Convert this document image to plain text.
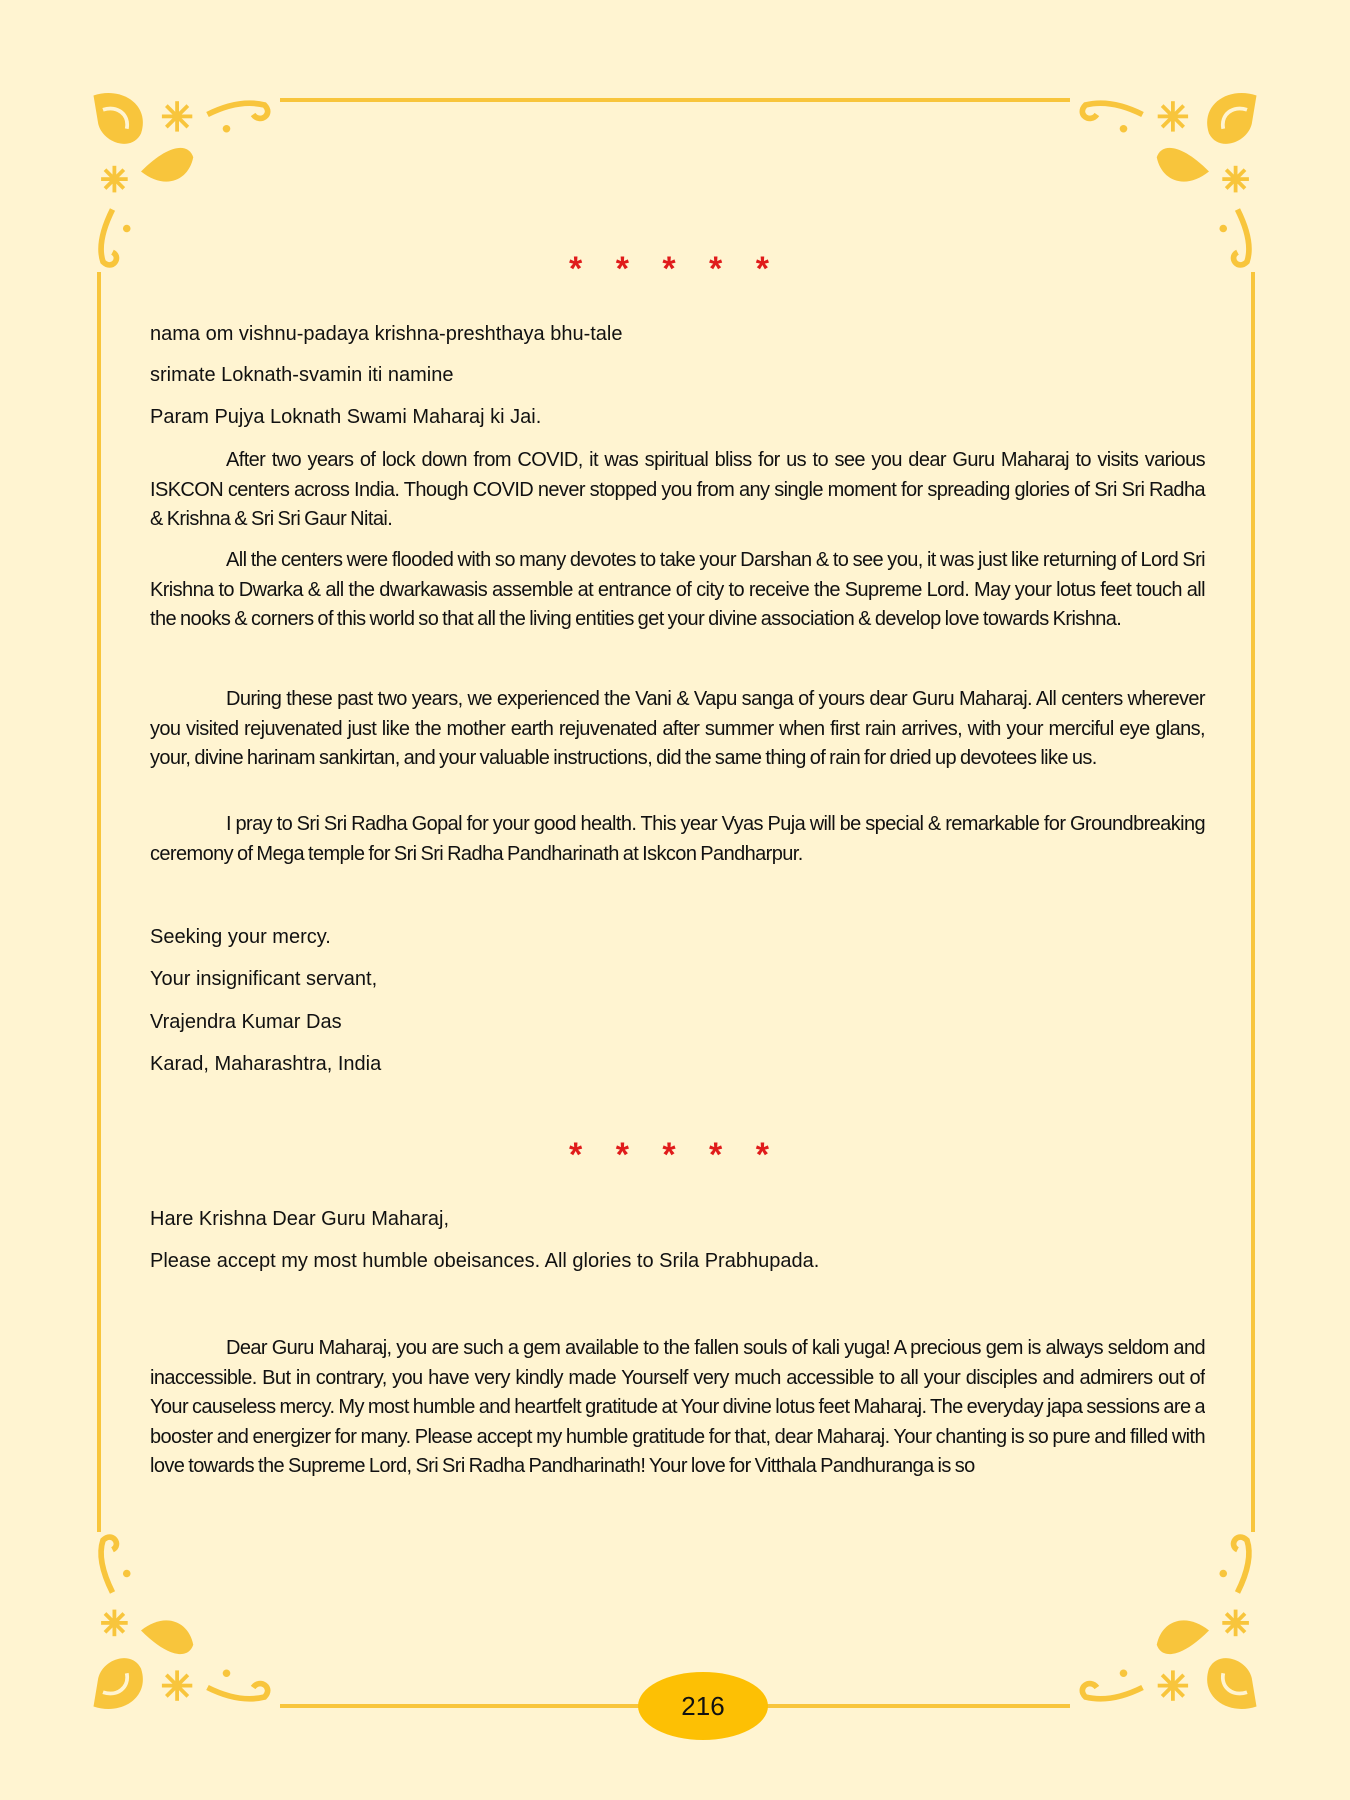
* * * * *
nama om vishnu-padaya krishna-preshthaya bhu-tale
srimate Loknath-svamin iti namine
Param Pujya Loknath Swami Maharaj ki Jai.
After two years of lock down from COVID, it was spiritual bliss for us to see you dear Guru Maharaj to visits various ISKCON centers across India. Though COVID never stopped you from any single moment for spreading glories of Sri Sri Radha & Krishna & Sri Sri Gaur Nitai.
All the centers were flooded with so many devotes to take your Darshan & to see you, it was just like returning of Lord Sri Krishna to Dwarka & all the dwarkawasis assemble at entrance of city to receive the Supreme Lord. May your lotus feet touch all the nooks & corners of this world so that all the living entities get your divine association & develop love towards Krishna.
During these past two years, we experienced the Vani & Vapu sanga of yours dear Guru Maharaj. All centers wherever you visited rejuvenated just like the mother earth rejuvenated after summer when first rain arrives, with your merciful eye glans, your, divine harinam sankirtan, and your valuable instructions, did the same thing of rain for dried up devotees like us.
I pray to Sri Sri Radha Gopal for your good health. This year Vyas Puja will be special & remarkable for Groundbreaking ceremony of Mega temple for Sri Sri Radha Pandharinath at Iskcon Pandharpur.
Seeking your mercy.
Your insignificant servant,
Vrajendra Kumar Das
Karad, Maharashtra, India
* * * * *
Hare Krishna Dear Guru Maharaj,
Please accept my most humble obeisances. All glories to Srila Prabhupada.
Dear Guru Maharaj, you are such a gem available to the fallen souls of kali yuga! A precious gem is always seldom and inaccessible. But in contrary, you have very kindly made Yourself very much accessible to all your disciples and admirers out of Your causeless mercy. My most humble and heartfelt gratitude at Your divine lotus feet Maharaj. The everyday japa sessions are a booster and energizer for many. Please accept my humble gratitude for that, dear Maharaj. Your chanting is so pure and filled with love towards the Supreme Lord, Sri Sri Radha Pandharinath! Your love for Vitthala Pandhuranga is so
216
